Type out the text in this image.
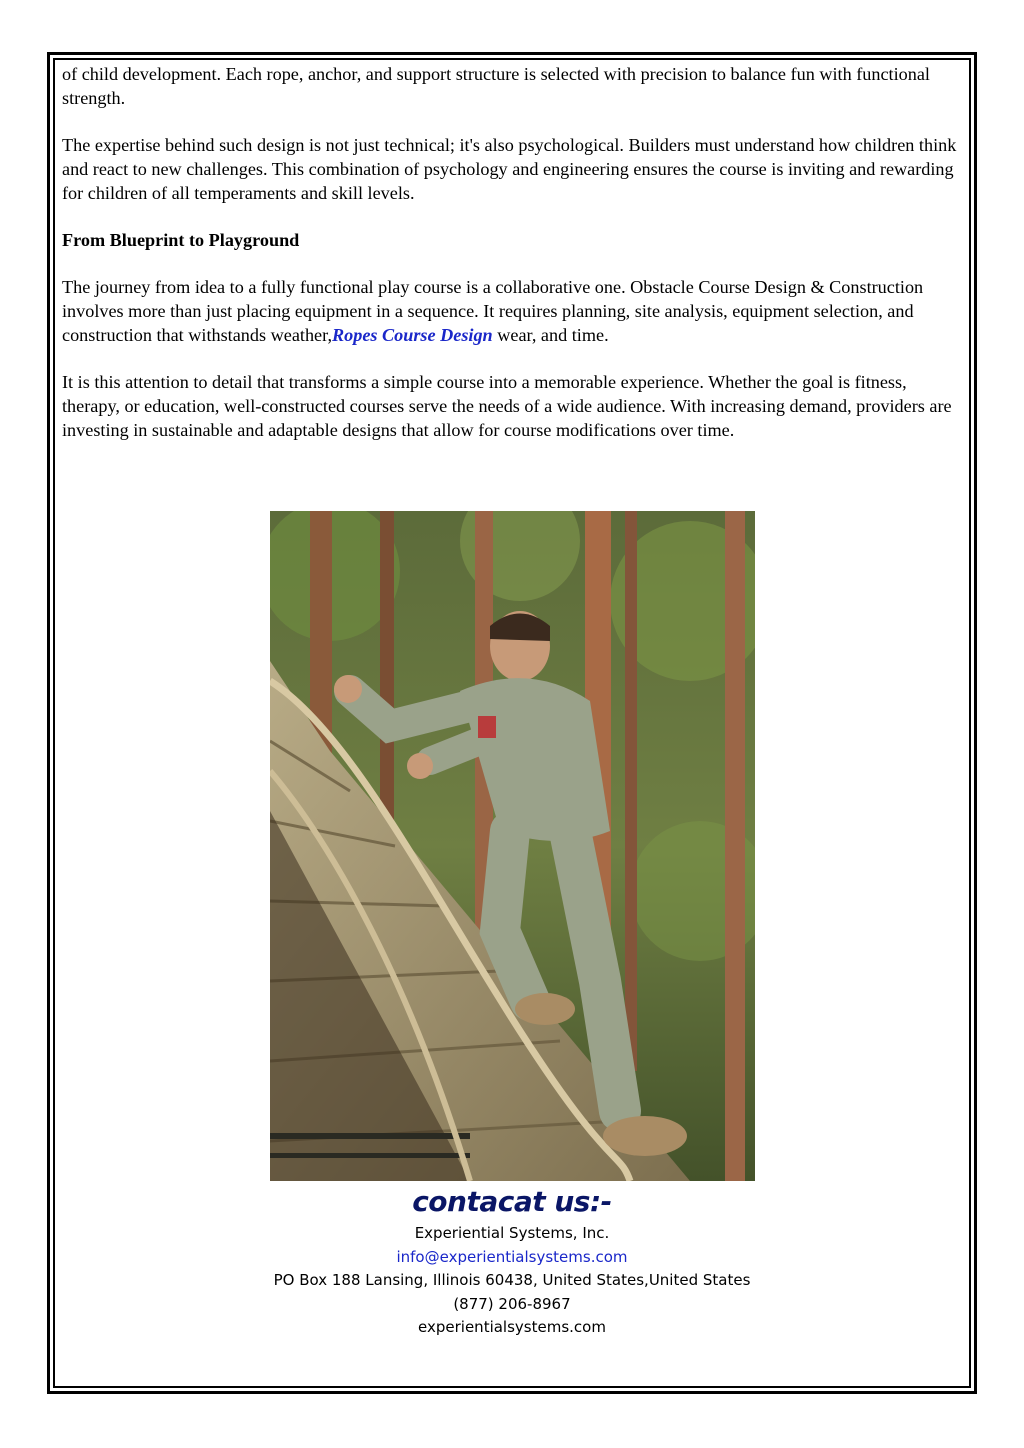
of child development. Each rope, anchor, and support structure is selected with precision to balance fun with functional strength.

The expertise behind such design is not just technical; it's also psychological. Builders must understand how children think and react to new challenges. This combination of psychology and engineering ensures the course is inviting and rewarding for children of all temperaments and skill levels.

From Blueprint to Playground

The journey from idea to a fully functional play course is a collaborative one. Obstacle Course Design & Construction involves more than just placing equipment in a sequence. It requires planning, site analysis, equipment selection, and construction that withstands weather,Ropes Course Design wear, and time.

It is this attention to detail that transforms a simple course into a memorable experience. Whether the goal is fitness, therapy, or education, well-constructed courses serve the needs of a wide audience. With increasing demand, providers are investing in sustainable and adaptable designs that allow for course modifications over time.

contacat us:-
Experiential Systems, Inc.
info@experientialsystems.com
PO Box 188 Lansing, Illinois 60438, United States,United States
(877) 206-8967
experientialsystems.com
